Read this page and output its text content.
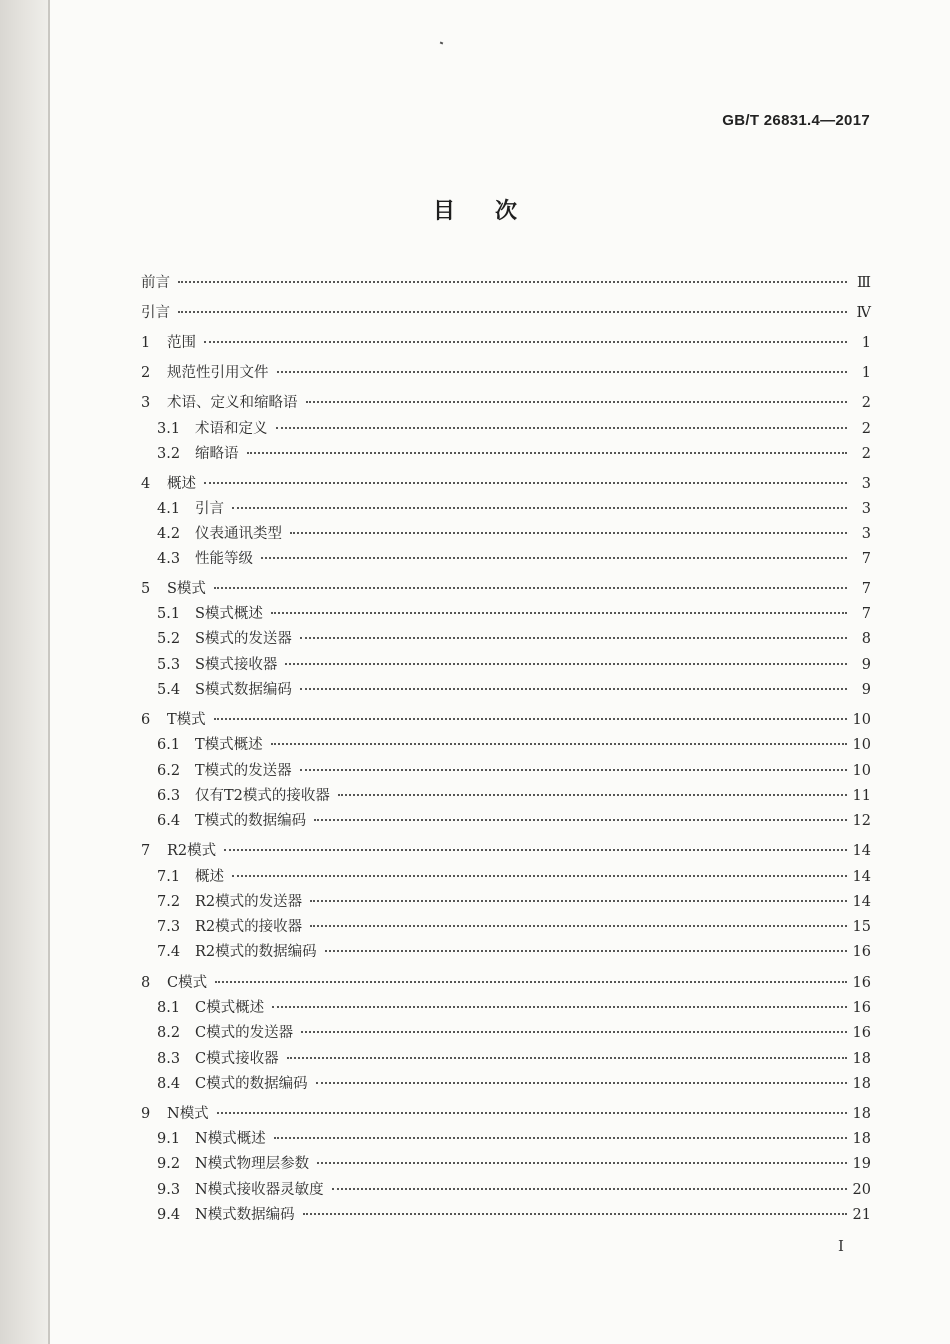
GB/T 26831.4—2017
目次
前言	Ⅲ
引言	Ⅳ
1	范围	1
2	规范性引用文件	1
3	术语、定义和缩略语	2
3.1	术语和定义	2
3.2	缩略语	2
4	概述	3
4.1	引言	3
4.2	仪表通讯类型	3
4.3	性能等级	7
5	S模式	7
5.1	S模式概述	7
5.2	S模式的发送器	8
5.3	S模式接收器	9
5.4	S模式数据编码	9
6	T模式	10
6.1	T模式概述	10
6.2	T模式的发送器	10
6.3	仅有T2模式的接收器	11
6.4	T模式的数据编码	12
7	R2模式	14
7.1	概述	14
7.2	R2模式的发送器	14
7.3	R2模式的接收器	15
7.4	R2模式的数据编码	16
8	C模式	16
8.1	C模式概述	16
8.2	C模式的发送器	16
8.3	C模式接收器	18
8.4	C模式的数据编码	18
9	N模式	18
9.1	N模式概述	18
9.2	N模式物理层参数	19
9.3	N模式接收器灵敏度	20
9.4	N模式数据编码	21
I
